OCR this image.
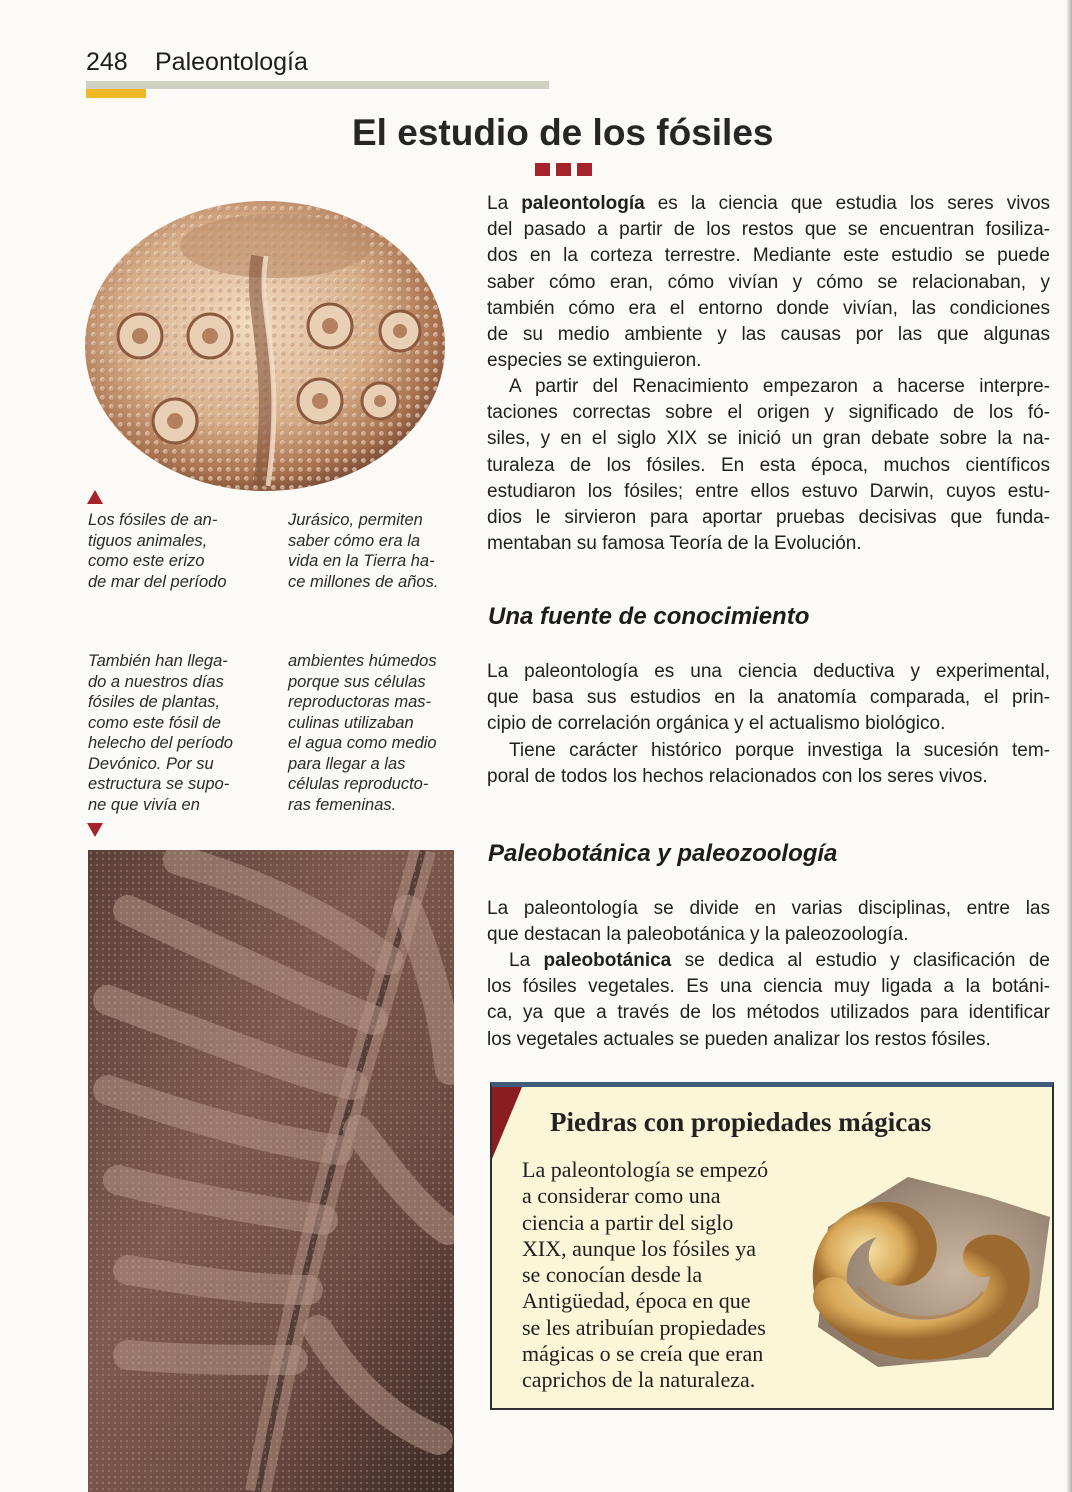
248 Paleontología
El estudio de los fósiles
Los fósiles de an-
tiguos animales,
como este erizo
de mar del período
Jurásico, permiten
saber cómo era la
vida en la Tierra ha-
ce millones de años.
También han llega-
do a nuestros días
fósiles de plantas,
como este fósil de
helecho del período
Devónico. Por su
estructura se supo-
ne que vivía en
ambientes húmedos
porque sus células
reproductoras mas-
culinas utilizaban
el agua como medio
para llegar a las
células reproducto-
ras femeninas.

La paleontología es la ciencia que estudia los seres vivos
del pasado a partir de los restos que se encuentran fosiliza-
dos en la corteza terrestre. Mediante este estudio se puede
saber cómo eran, cómo vivían y cómo se relacionaban, y
también cómo era el entorno donde vivían, las condiciones
de su medio ambiente y las causas por las que algunas
especies se extinguieron.

A partir del Renacimiento empezaron a hacerse interpre-
taciones correctas sobre el origen y significado de los fó-
siles, y en el siglo XIX se inició un gran debate sobre la na-
turaleza de los fósiles. En esta época, muchos científicos
estudiaron los fósiles; entre ellos estuvo Darwin, cuyos estu-
dios le sirvieron para aportar pruebas decisivas que funda-
mentaban su famosa Teoría de la Evolución.

Una fuente de conocimiento

La paleontología es una ciencia deductiva y experimental,
que basa sus estudios en la anatomía comparada, el prin-
cipio de correlación orgánica y el actualismo biológico.

Tiene carácter histórico porque investiga la sucesión tem-
poral de todos los hechos relacionados con los seres vivos.

Paleobotánica y paleozoología

La paleontología se divide en varias disciplinas, entre las
que destacan la paleobotánica y la paleozoología.

La paleobotánica se dedica al estudio y clasificación de
los fósiles vegetales. Es una ciencia muy ligada a la botáni-
ca, ya que a través de los métodos utilizados para identificar
los vegetales actuales se pueden analizar los restos fósiles.

Piedras con propiedades mágicas

La paleontología se empezó
a considerar como una
ciencia a partir del siglo
XIX, aunque los fósiles ya
se conocían desde la
Antigüedad, época en que
se les atribuían propiedades
mágicas o se creía que eran
caprichos de la naturaleza.
